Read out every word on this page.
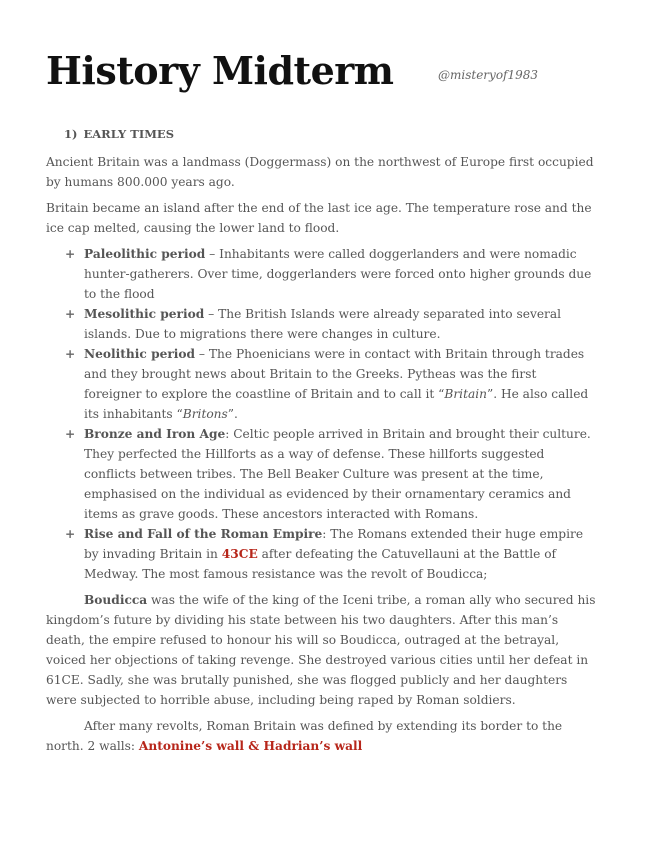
History Midterm	@misteryof1983
1) EARLY TIMES

Ancient Britain was a landmass (Doggermass) on the northwest of Europe first occupied by humans 800.000 years ago.

Britain became an island after the end of the last ice age. The temperature rose and the ice cap melted, causing the lower land to flood.

+ Paleolithic period – Inhabitants were called doggerlanders and were nomadic hunter-gatherers. Over time, doggerlanders were forced onto higher grounds due to the flood
+ Mesolithic period – The British Islands were already separated into several islands. Due to migrations there were changes in culture.
+ Neolithic period – The Phoenicians were in contact with Britain through trades and they brought news about Britain to the Greeks. Pytheas was the first foreigner to explore the coastline of Britain and to call it “Britain”. He also called its inhabitants “Britons”.
+ Bronze and Iron Age: Celtic people arrived in Britain and brought their culture. They perfected the Hillforts as a way of defense. These hillforts suggested conflicts between tribes. The Bell Beaker Culture was present at the time, emphasised on the individual as evidenced by their ornamentary ceramics and items as grave goods. These ancestors interacted with Romans.
+ Rise and Fall of the Roman Empire: The Romans extended their huge empire by invading Britain in 43CE after defeating the Catuvellauni at the Battle of Medway. The most famous resistance was the revolt of Boudicca;

Boudicca was the wife of the king of the Iceni tribe, a roman ally who secured his kingdom’s future by dividing his state between his two daughters. After this man’s death, the empire refused to honour his will so Boudicca, outraged at the betrayal, voiced her objections of taking revenge. She destroyed various cities until her defeat in 61CE. Sadly, she was brutally punished, she was flogged publicly and her daughters were subjected to horrible abuse, including being raped by Roman soldiers.

After many revolts, Roman Britain was defined by extending its border to the north. 2 walls: Antonine’s wall & Hadrian’s wall
